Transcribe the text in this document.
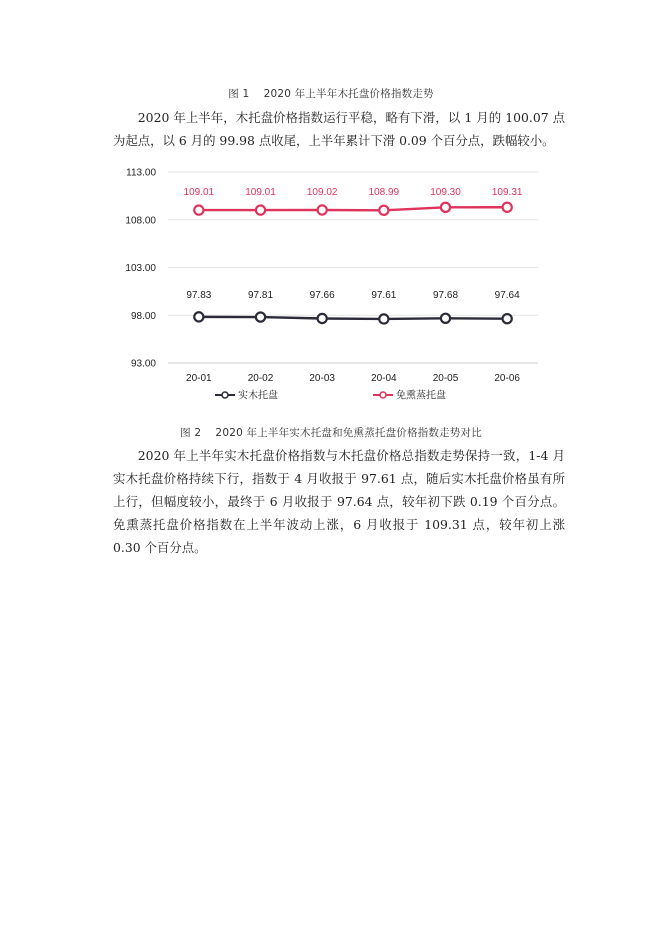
图 1　 2020 年上半年木托盘价格指数走势

2020 年上半年，木托盘价格指数运行平稳，略有下滑，以 1 月的 100.07 点为起点，以 6 月的 99.98 点收尾，上半年累计下滑 0.09 个百分点，跌幅较小。

113.00
108.00
103.00
98.00
93.00
20-01	20-02	20-03	20-04	20-05	20-06
97.83	97.81	97.66	97.61	97.68	97.64
109.01	109.01	109.02	108.99	109.30	109.31
实木托盘	免熏蒸托盘
图 2　 2020 年上半年实木托盘和免熏蒸托盘价格指数走势对比

2020 年上半年实木托盘价格指数与木托盘价格总指数走势保持一致，1-4 月实木托盘价格持续下行，指数于 4 月收报于 97.61 点，随后实木托盘价格虽有所上行，但幅度较小，最终于 6 月收报于 97.64 点，较年初下跌 0.19 个百分点。免熏蒸托盘价格指数在上半年波动上涨，6 月收报于 109.31 点，较年初上涨 0.30 个百分点。
